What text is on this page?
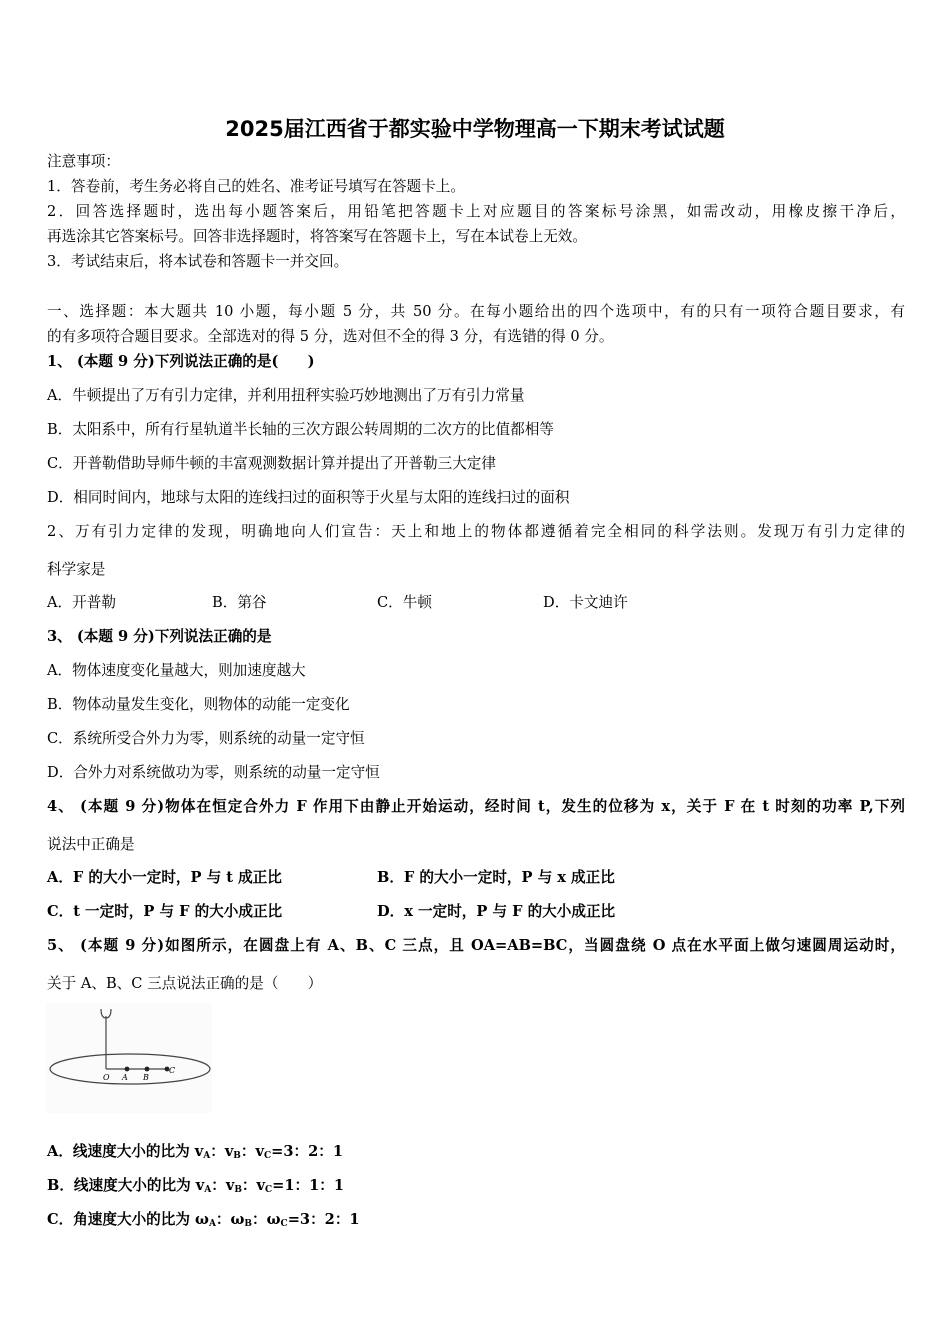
2025届江西省于都实验中学物理高一下期末考试试题
注意事项：
1．答卷前，考生务必将自己的姓名、准考证号填写在答题卡上。
2．回答选择题时，选出每小题答案后，用铅笔把答题卡上对应题目的答案标号涂黑，如需改动，用橡皮擦干净后，
再选涂其它答案标号。回答非选择题时，将答案写在答题卡上，写在本试卷上无效。
3．考试结束后，将本试卷和答题卡一并交回。
一、选择题：本大题共 10 小题，每小题 5 分，共 50 分。在每小题给出的四个选项中，有的只有一项符合题目要求，有
的有多项符合题目要求。全部选对的得 5 分，选对但不全的得 3 分，有选错的得 0 分。
1、 (本题 9 分)下列说法正确的是(　　)
A．牛顿提出了万有引力定律，并利用扭秤实验巧妙地测出了万有引力常量
B．太阳系中，所有行星轨道半长轴的三次方跟公转周期的二次方的比值都相等
C．开普勒借助导师牛顿的丰富观测数据计算并提出了开普勒三大定律
D．相同时间内，地球与太阳的连线扫过的面积等于火星与太阳的连线扫过的面积
2、万有引力定律的发现，明确地向人们宣告：天上和地上的物体都遵循着完全相同的科学法则。发现万有引力定律的
科学家是
A．开普勒	B．第谷	C．牛顿	D．卡文迪许
3、 (本题 9 分)下列说法正确的是
A．物体速度变化量越大，则加速度越大
B．物体动量发生变化，则物体的动能一定变化
C．系统所受合外力为零，则系统的动量一定守恒
D．合外力对系统做功为零，则系统的动量一定守恒
4、 (本题 9 分)物体在恒定合外力 F 作用下由静止开始运动，经时间 t，发生的位移为 x，关于 F 在 t 时刻的功率 P,下列
说法中正确是
A．F 的大小一定时，P 与 t 成正比	B．F 的大小一定时，P 与 x 成正比
C．t 一定时，P 与 F 的大小成正比	D．x 一定时，P 与 F 的大小成正比
5、 (本题 9 分)如图所示，在圆盘上有 A、B、C 三点，且 OA=AB=BC，当圆盘绕 O 点在水平面上做匀速圆周运动时，
关于 A、B、C 三点说法正确的是（　　）
O A B
C
A．线速度大小的比为 $v_A$：$v_B$：$v_C=3$：2：1
B．线速度大小的比为 $v_A$：$v_B$：$v_C=1$：1：1
C．角速度大小的比为 $\omega_A$：$\omega_B$：$\omega_C=3$：2：1
